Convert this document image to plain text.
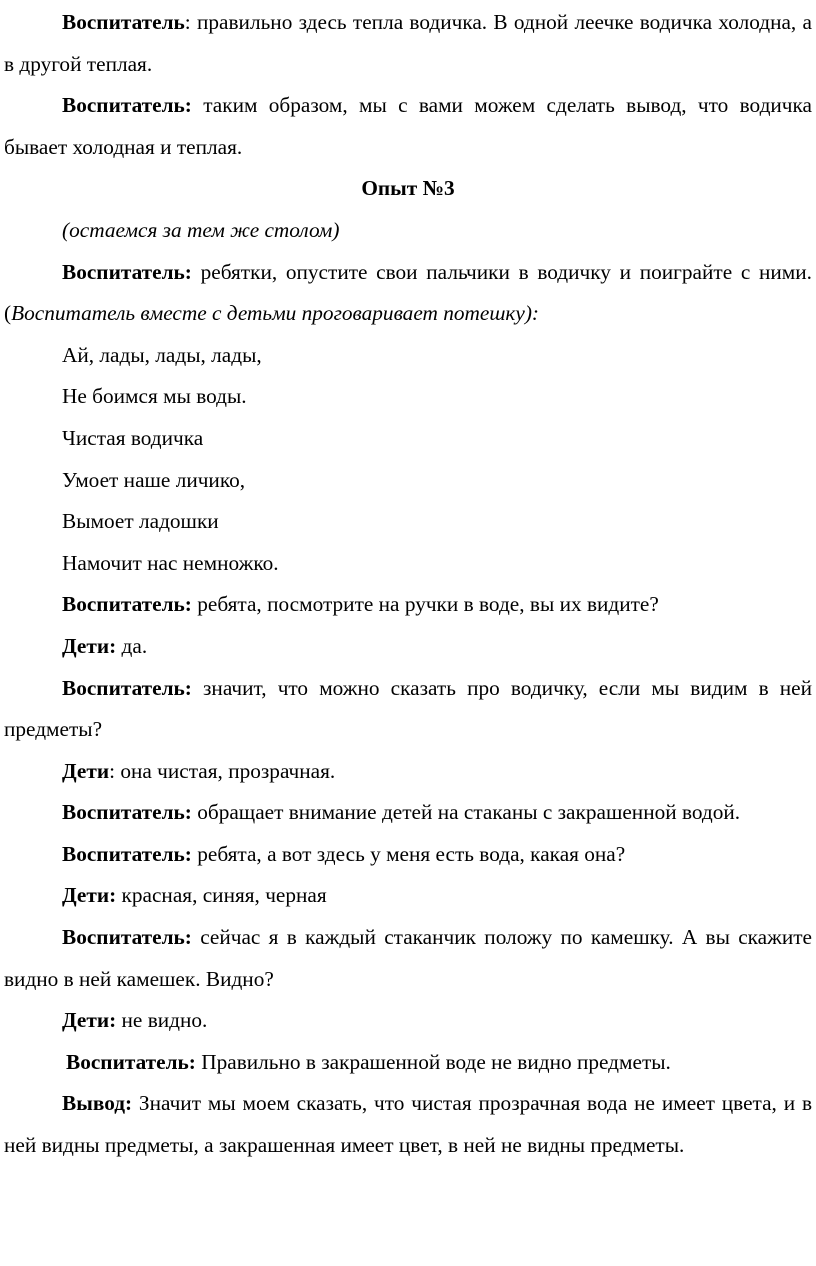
Воспитатель: правильно здесь тепла водичка. В одной леечке водичка холодна, а в другой теплая.

Воспитатель: таким образом, мы с вами можем сделать вывод, что водичка бывает холодная и теплая.

Опыт №3

(остаемся за тем же столом)

Воспитатель: ребятки, опустите свои пальчики в водичку и поиграйте с ними. (Воспитатель вместе с детьми проговаривает потешку):

Ай, лады, лады, лады,

Не боимся мы воды.

Чистая водичка

Умоет наше личико,

Вымоет ладошки

Намочит нас немножко.

Воспитатель: ребята, посмотрите на ручки в воде, вы их видите?

Дети: да.

Воспитатель: значит, что можно сказать про водичку, если мы видим в ней предметы?

Дети: она чистая, прозрачная.

Воспитатель: обращает внимание детей на стаканы с закрашенной водой.

Воспитатель: ребята, а вот здесь у меня есть вода, какая она?

Дети: красная, синяя, черная

Воспитатель: сейчас я в каждый стаканчик положу по камешку. А вы скажите видно в ней камешек. Видно?

Дети: не видно.

Воспитатель: Правильно в закрашенной воде не видно предметы.

Вывод: Значит мы моем сказать, что чистая прозрачная вода не имеет цвета, и в ней видны предметы, а закрашенная имеет цвет, в ней не видны предметы.
